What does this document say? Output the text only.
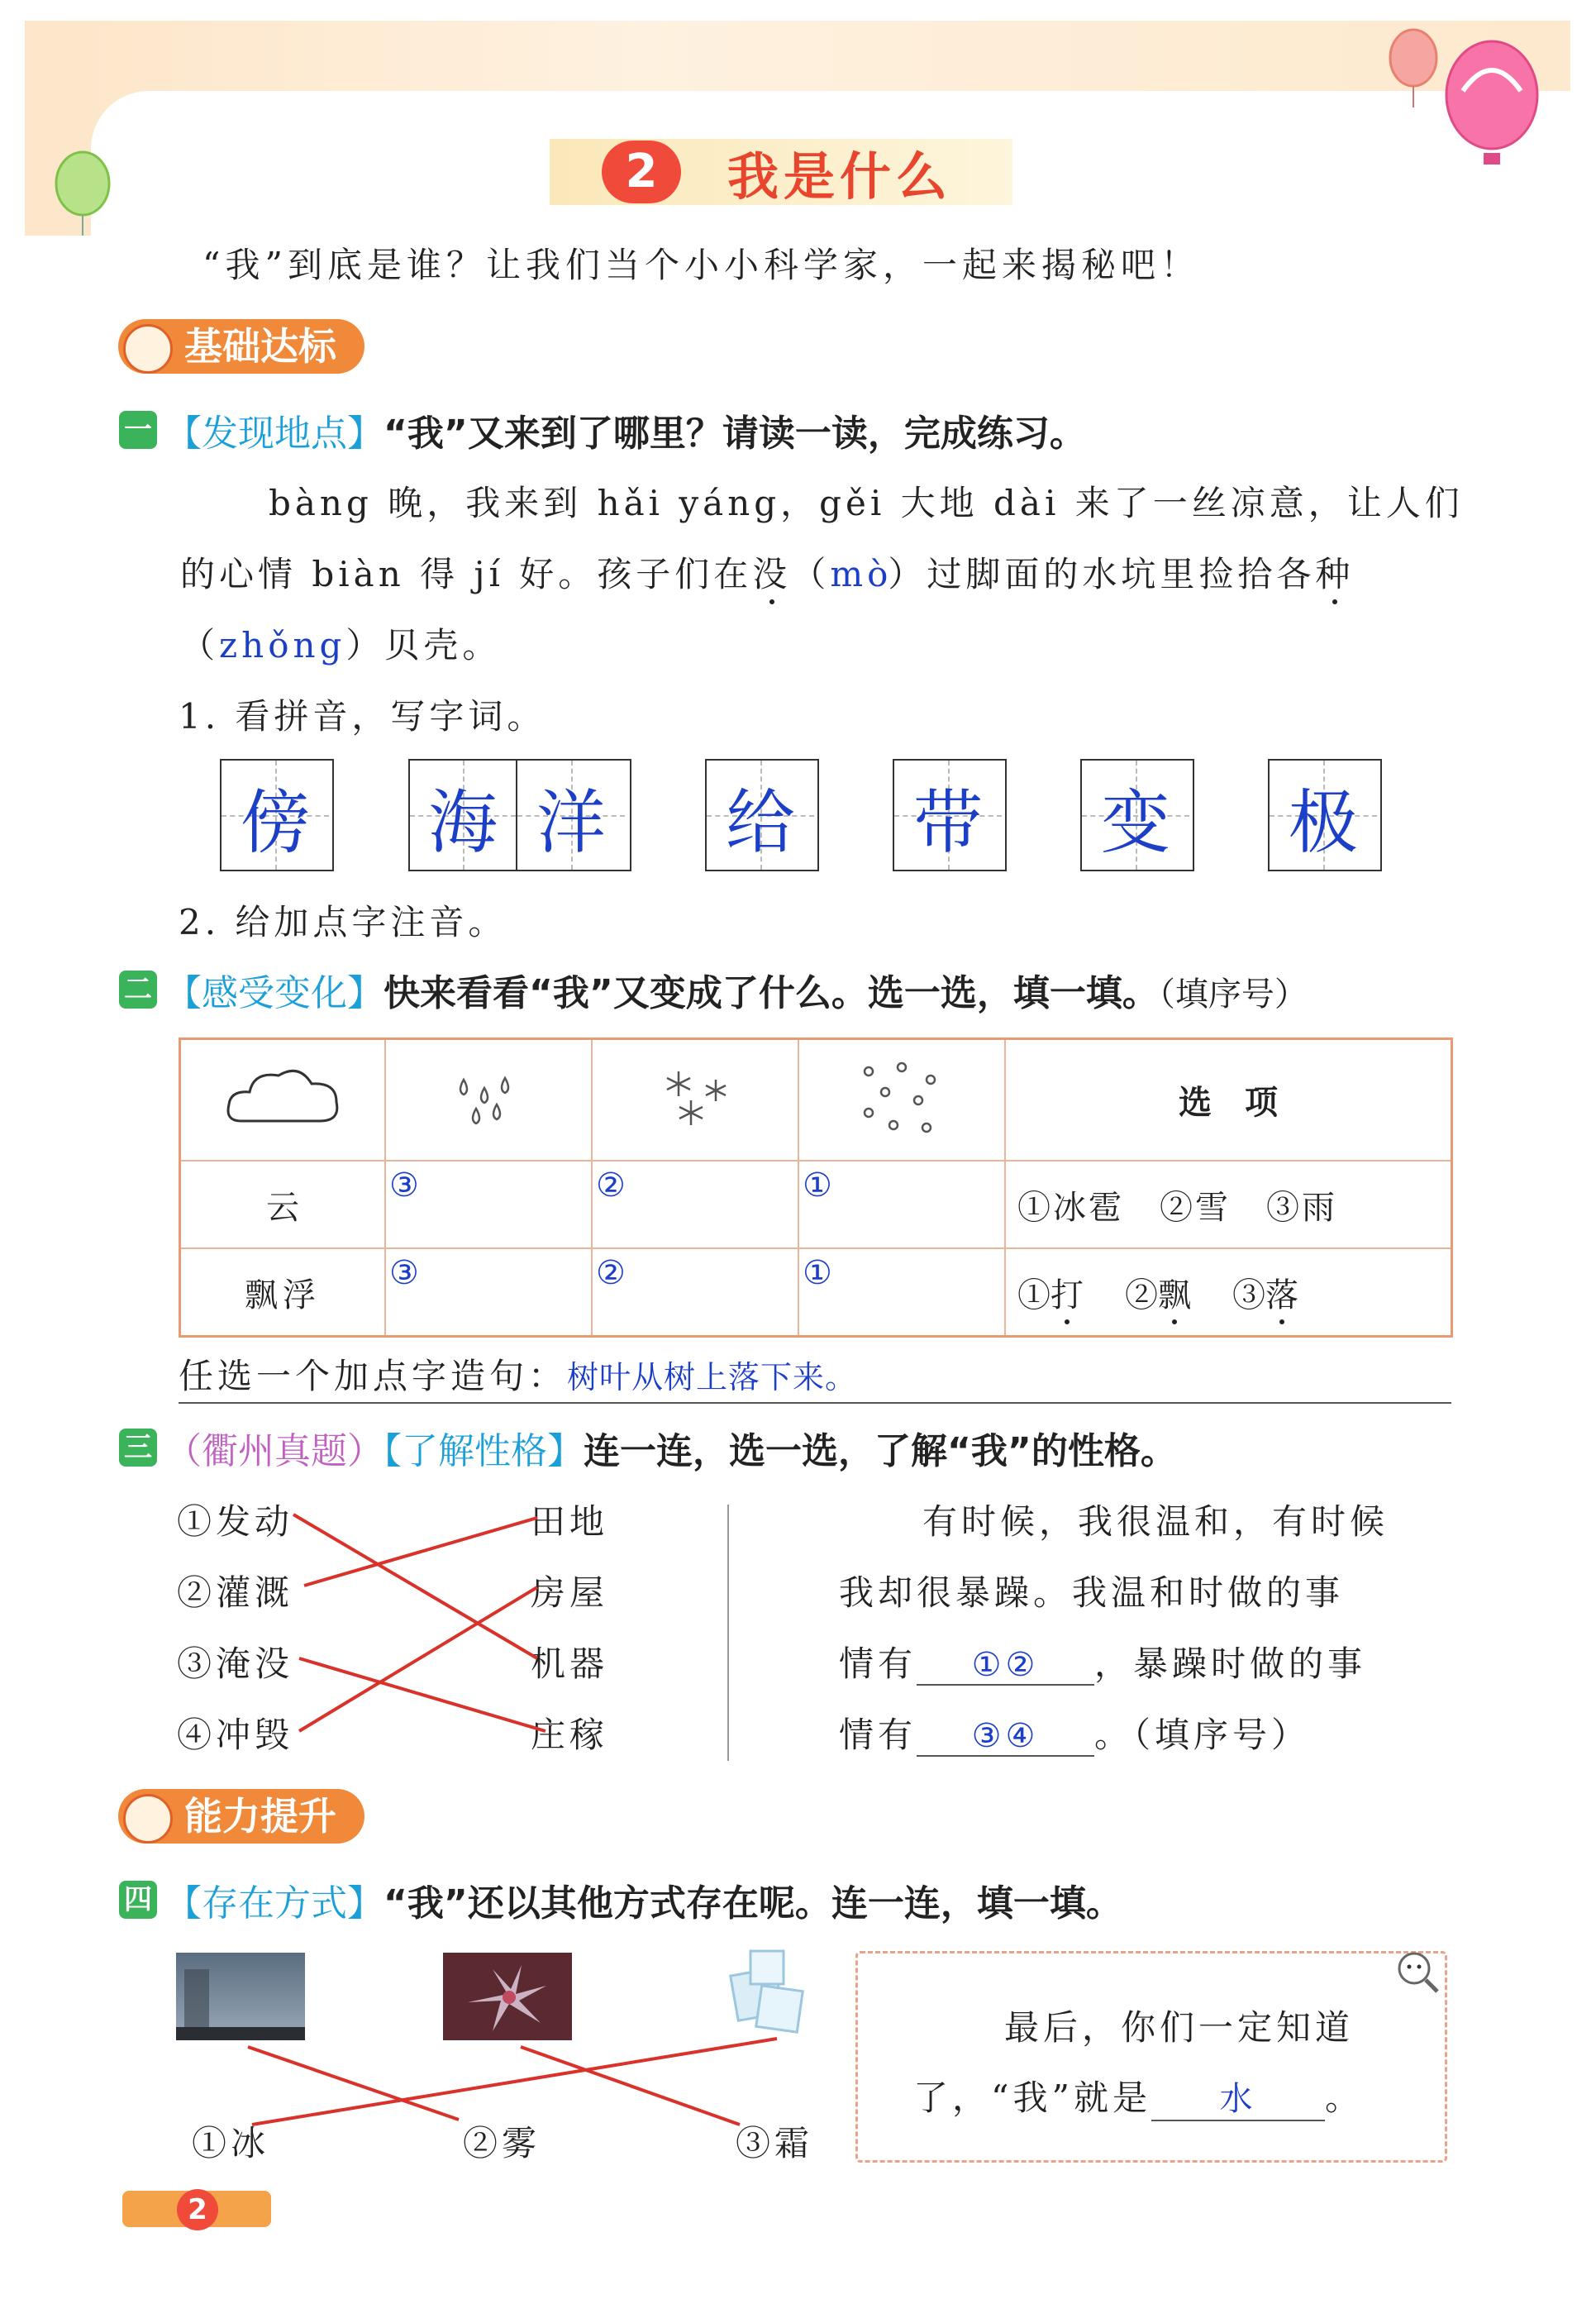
2	我是什么
“我”到底是谁？让我们当个小小科学家，一起来揭秘吧！
基础达标
一 【发现地点】“我”又来到了哪里？请读一读，完成练习。
bàng 晚，我来到 hǎi yáng，gěi 大地 dài 来了一丝凉意，让人们
的心情 biàn 得 jí 好。孩子们在没（mò）过脚面的水坑里捡拾各种
（zhǒng）贝壳。
1. 看拼音，写字词。
傍 海 洋 给 带 变 极
2. 给加点字注音。
二 【感受变化】快来看看“我”又变成了什么。选一选，填一填。（填序号）
				选　项
云	③	②	①	①冰雹　②雪　③雨
飘浮	③	②	①	①打 ②飘 ③落
任选一个加点字造句：树叶从树上落下来。
三 （衢州真题）【了解性格】连一连，选一选，了解“我”的性格。
①发动
②灌溉
③淹没
④冲毁
田地
房屋
机器
庄稼
有时候，我很温和，有时候
我却很暴躁。我温和时做的事
情有 ①② ，暴躁时做的事
情有 ③④ 。（填序号）
能力提升
四 【存在方式】“我”还以其他方式存在呢。连一连，填一填。
①冰	②雾	③霜
最后，你们一定知道
了，“我”就是 水 。
2
